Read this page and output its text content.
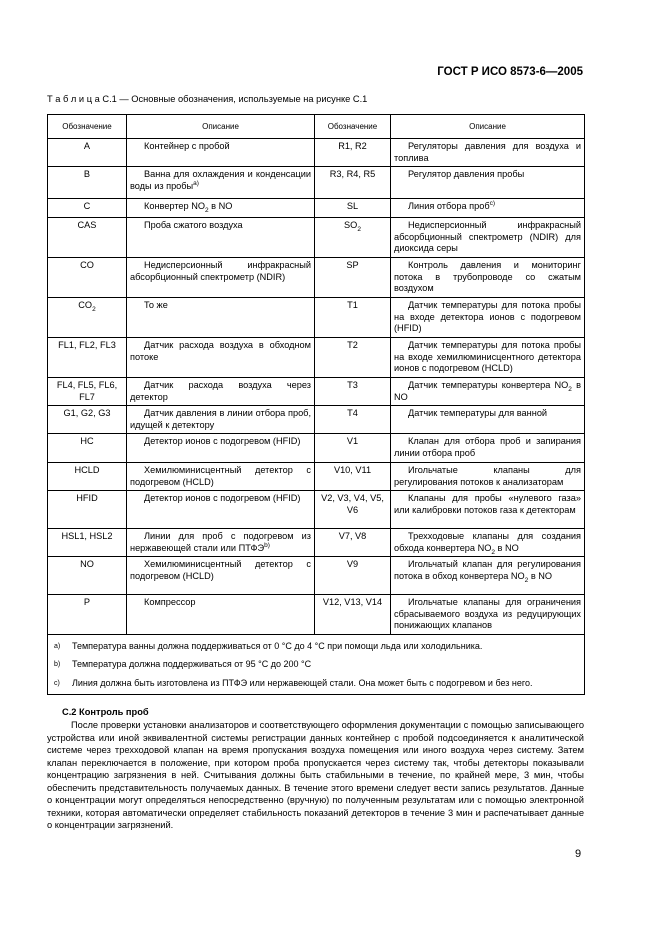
ГОСТ Р ИСО 8573-6—2005
Т а б л и ц а С.1 — Основные обозначения, используемые на рисунке С.1
Обозначение	Описание	Обозначение	Описание
A	Контейнер с пробой	R1, R2	Регуляторы давления для воздуха и топлива
B	Ванна для охлаждения и конденсации воды из пробы$^{a)}$	R3, R4, R5	Регулятор давления пробы
C	Конвертер $NO_2$ в NO	SL	Линия отбора проб$^{c)}$
CAS	Проба сжатого воздуха	$SO_2$	Недисперсионный инфракрасный абсорбционный спектрометр (NDIR) для диоксида серы
CO	Недисперсионный инфракрасный абсорбционный спектрометр (NDIR)	SP	Контроль давления и мониторинг потока в трубопроводе со сжатым воздухом
$CO_2$	То же	T1	Датчик температуры для потока пробы на входе детектора ионов с подогревом (HFID)
FL1, FL2, FL3	Датчик расхода воздуха в обходном потоке	T2	Датчик температуры для потока пробы на входе хемилюминисцентного детектора ионов с подогревом (HCLD)
FL4, FL5, FL6, FL7	Датчик расхода воздуха через детектор	T3	Датчик температуры конвертера $NO_2$ в NO
G1, G2, G3	Датчик давления в линии отбора проб, идущей к детектору	T4	Датчик температуры для ванной
HC	Детектор ионов с подогревом (HFID)	V1	Клапан для отбора проб и запирания линии отбора проб
HCLD	Хемилюминисцентный детектор с подогревом (HCLD)	V10, V11	Игольчатые клапаны для регулирования потоков к анализаторам
HFID	Детектор ионов с подогревом (HFID)	V2, V3, V4, V5, V6	Клапаны для пробы «нулевого газа» или калибровки потоков газа к детекторам
HSL1, HSL2	Линии для проб с подогревом из нержавеющей стали или ПТФЭ$^{b)}$	V7, V8	Трехходовые клапаны для создания обхода конвертера $NO_2$ в NO
NO	Хемилюминисцентный детектор с подогревом (HCLD)	V9	Игольчатый клапан для регулирования потока в обход конвертера $NO_2$ в NO
P	Компрессор	V12, V13, V14	Игольчатые клапаны для ограничения сбрасываемого воздуха из редуцирующих понижающих клапанов
a) Температура ванны должна поддерживаться от 0 °С до 4 °С при помощи льда или холодильника.			
b) Температура должна поддерживаться от 95 °С до 200 °С			
c) Линия должна быть изготовлена из ПТФЭ или нержавеющей стали. Она может быть с подогревом и без него.			
С.2 Контроль проб

После проверки установки анализаторов и соответствующего оформления документации с помощью записывающего устройства или иной эквивалентной системы регистрации данных контейнер с пробой подсоединяется к аналитической системе через трехходовой клапан на время пропускания воздуха помещения или иного воздуха через систему. Затем клапан переключается в положение, при котором проба пропускается через систему так, чтобы детекторы показывали концентрацию загрязнения в ней. Считывания должны быть стабильными в течение, по крайней мере, 3 мин, чтобы обеспечить представительность получаемых данных. В течение этого времени следует вести запись результатов. Данные о концентрации могут определяться непосредственно (вручную) по полученным результатам или с помощью электронной техники, которая автоматически определяет стабильность показаний детекторов в течение 3 мин и распечатывает данные о концентрации загрязнений.

9
